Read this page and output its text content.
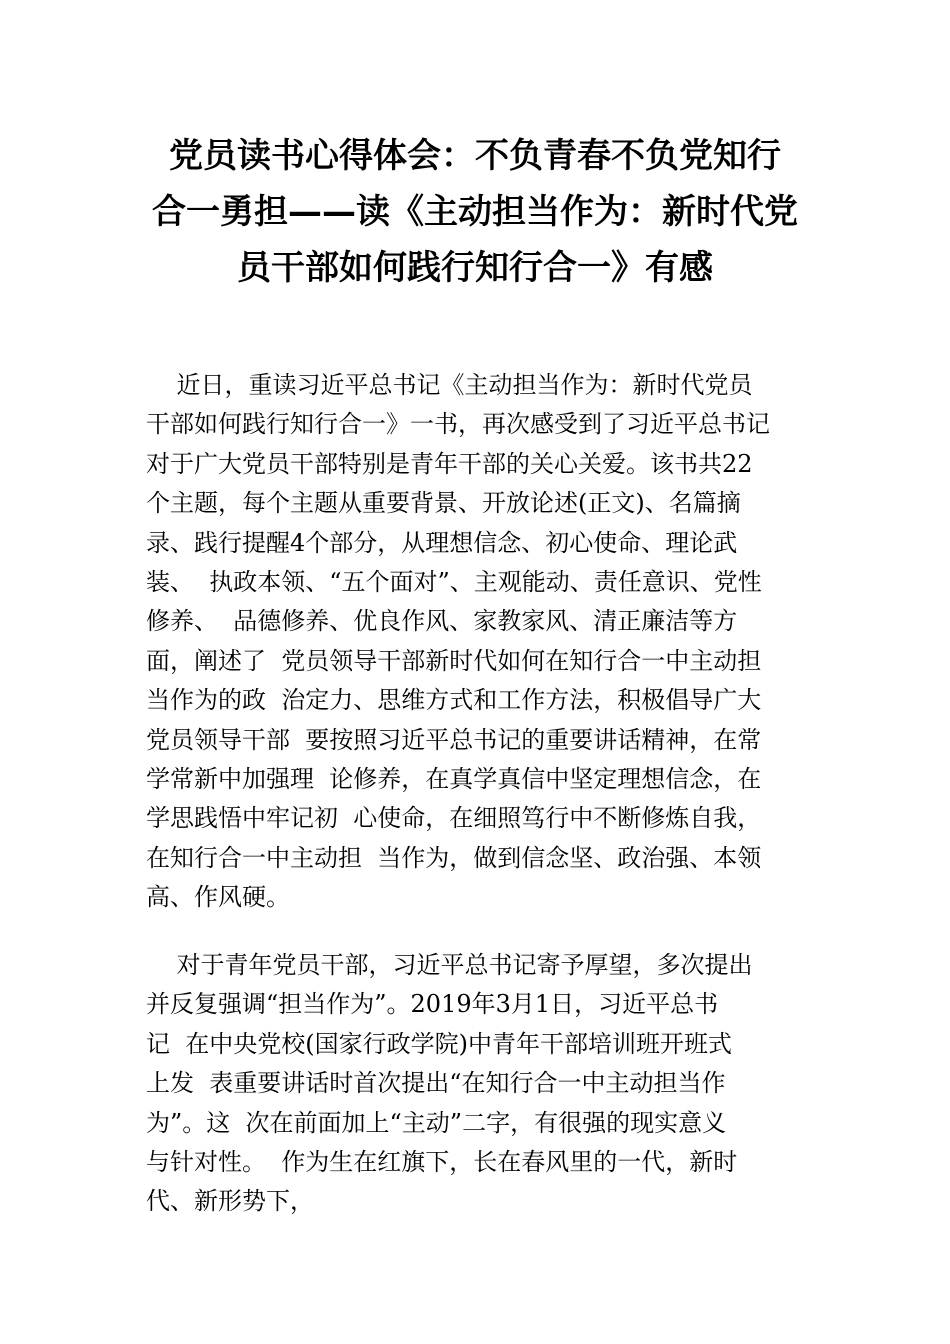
党员读书心得体会：不负青春不负党知行
合一勇担——读《主动担当作为：新时代党
员干部如何践行知行合一》有感

近日，重读习近平总书记《主动担当作为：新时代党员
干部如何践行知行合一》一书，再次感受到了习近平总书记
对于广大党员干部特别是青年干部的关心关爱。该书共22
个主题，每个主题从重要背景、开放论述(正文)、名篇摘
录、践行提醒4个部分，从理想信念、初心使命、理论武
装、  执政本领、“五个面对”、主观能动、责任意识、党性
修养、  品德修养、优良作风、家教家风、清正廉洁等方
面，阐述了  党员领导干部新时代如何在知行合一中主动担
当作为的政  治定力、思维方式和工作方法，积极倡导广大
党员领导干部  要按照习近平总书记的重要讲话精神，在常
学常新中加强理  论修养，在真学真信中坚定理想信念，在
学思践悟中牢记初  心使命，在细照笃行中不断修炼自我，
在知行合一中主动担  当作为，做到信念坚、政治强、本领
高、作风硬。

对于青年党员干部，习近平总书记寄予厚望，多次提出
并反复强调“担当作为”。2019年3月1日，习近平总书
记  在中央党校(国家行政学院)中青年干部培训班开班式
上发  表重要讲话时首次提出“在知行合一中主动担当作
为”。这  次在前面加上“主动”二字，有很强的现实意义
与针对性。  作为生在红旗下，长在春风里的一代，新时
代、新形势下，
